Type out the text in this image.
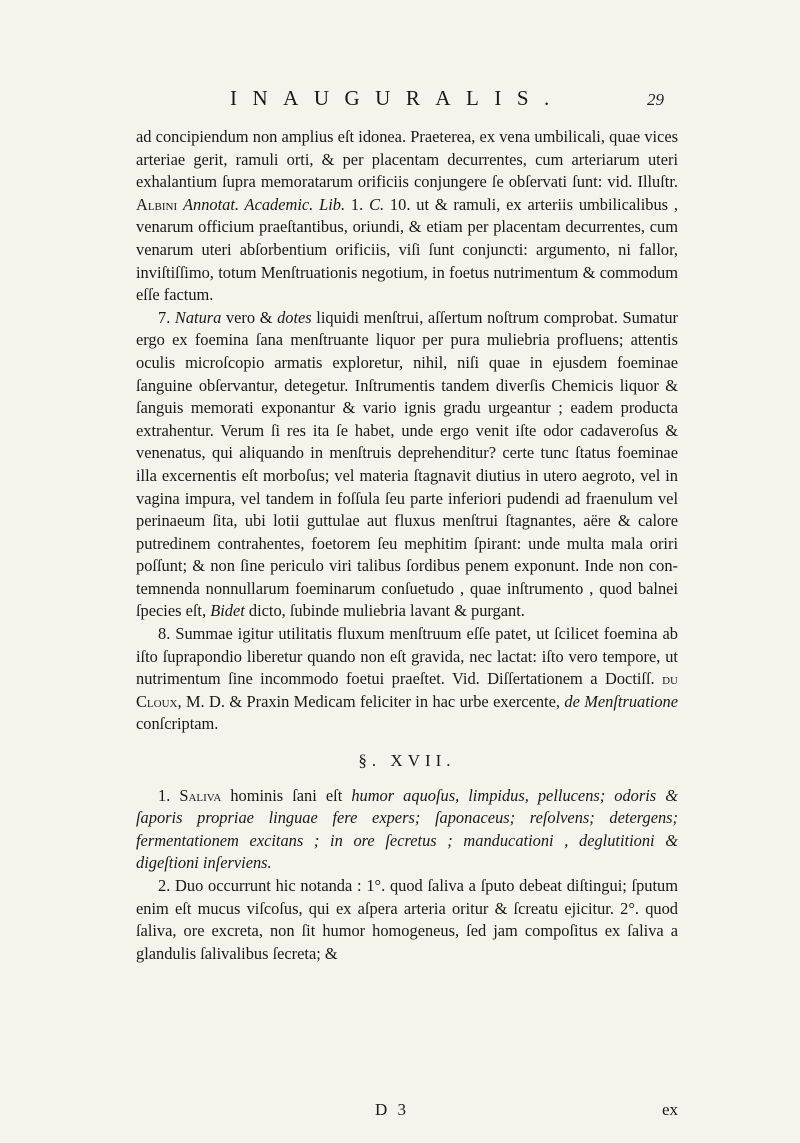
INAUGURALIS.	29

ad concipiendum non amplius eſt idonea. Praeterea, ex vena umbilicali, quae vices arteriae gerit, ramuli orti, & per placentam decurrentes, cum arteriarum uteri exhalantium ſupra memoratarum orificiis conjungere ſe obſervati ſunt: vid. Illuſtr. Albini Annotat. Academic. Lib. 1. C. 10. ut & ramuli, ex arteriis umbilicalibus , venarum officium praeſtantibus, oriundi, & etiam per placentam decurrentes, cum venarum uteri abſorbentium orificiis, viſi ſunt conjuncti: argumento, ni fallor, inviſtiſſimo, totum Menſtruationis negotium, in foetus nutrimentum & commodum eſſe factum.

7. Natura vero & dotes liquidi menſtrui, aſſertum noſtrum comprobat. Sumatur ergo ex foemina ſana menſtruante liquor per pura muliebria profluens; attentis oculis microſcopio armatis exploretur, nihil, niſi quae in ejusdem foeminae ſanguine obſervantur, detegetur. Inſtrumentis tandem diverſis Chemicis liquor & ſanguis memorati exponantur & vario ignis gradu urgeantur ; eadem producta extrahentur. Verum ſi res ita ſe habet, unde ergo venit iſte odor cadaveroſus & venenatus, qui aliquando in menſtruis deprehenditur? certe tunc ſtatus foeminae illa excernentis eſt morboſus; vel materia ſtagnavit diutius in utero aegroto, vel in vagina impura, vel tandem in foſſula ſeu parte inferiori pudendi ad fraenulum vel perinaeum ſita, ubi lotii guttulae aut fluxus menſtrui ſtagnantes, aëre & calore putredinem contrahentes, foetorem ſeu mephitim ſpirant: unde multa mala oriri poſſunt; & non ſine periculo viri talibus ſordibus penem exponunt. Inde non contemnenda nonnullarum foeminarum conſuetudo , quae inſtrumento , quod balnei ſpecies eſt, Bidet dicto, ſubinde muliebria lavant & purgant.

8. Summae igitur utilitatis fluxum menſtruum eſſe patet, ut ſcilicet foemina ab iſto ſuprapondio liberetur quando non eſt gravida, nec lactat: iſto vero tempore, ut nutrimentum ſine incommodo foetui praeſtet. Vid. Diſſertationem a Doctiſſ. du Cloux, M. D. & Praxin Medicam feliciter in hac urbe exercente, de Menſtruatione conſcriptam.

§. XVII.

1. Saliva hominis ſani eſt humor aquoſus, limpidus, pellucens; odoris & ſaporis propriae linguae fere expers; ſaponaceus; reſolvens; detergens; fermentationem excitans ; in ore ſecretus ; manducationi , deglutitioni & digeſtioni inſerviens.

2. Duo occurrunt hic notanda : 1°. quod ſaliva a ſputo debeat diſtingui; ſputum enim eſt mucus viſcoſus, qui ex aſpera arteria oritur & ſcreatu ejicitur. 2°. quod ſaliva, ore excreta, non ſit humor homogeneus, ſed jam compoſitus ex ſaliva a glandulis ſalivalibus ſecreta; &

D 3	ex
